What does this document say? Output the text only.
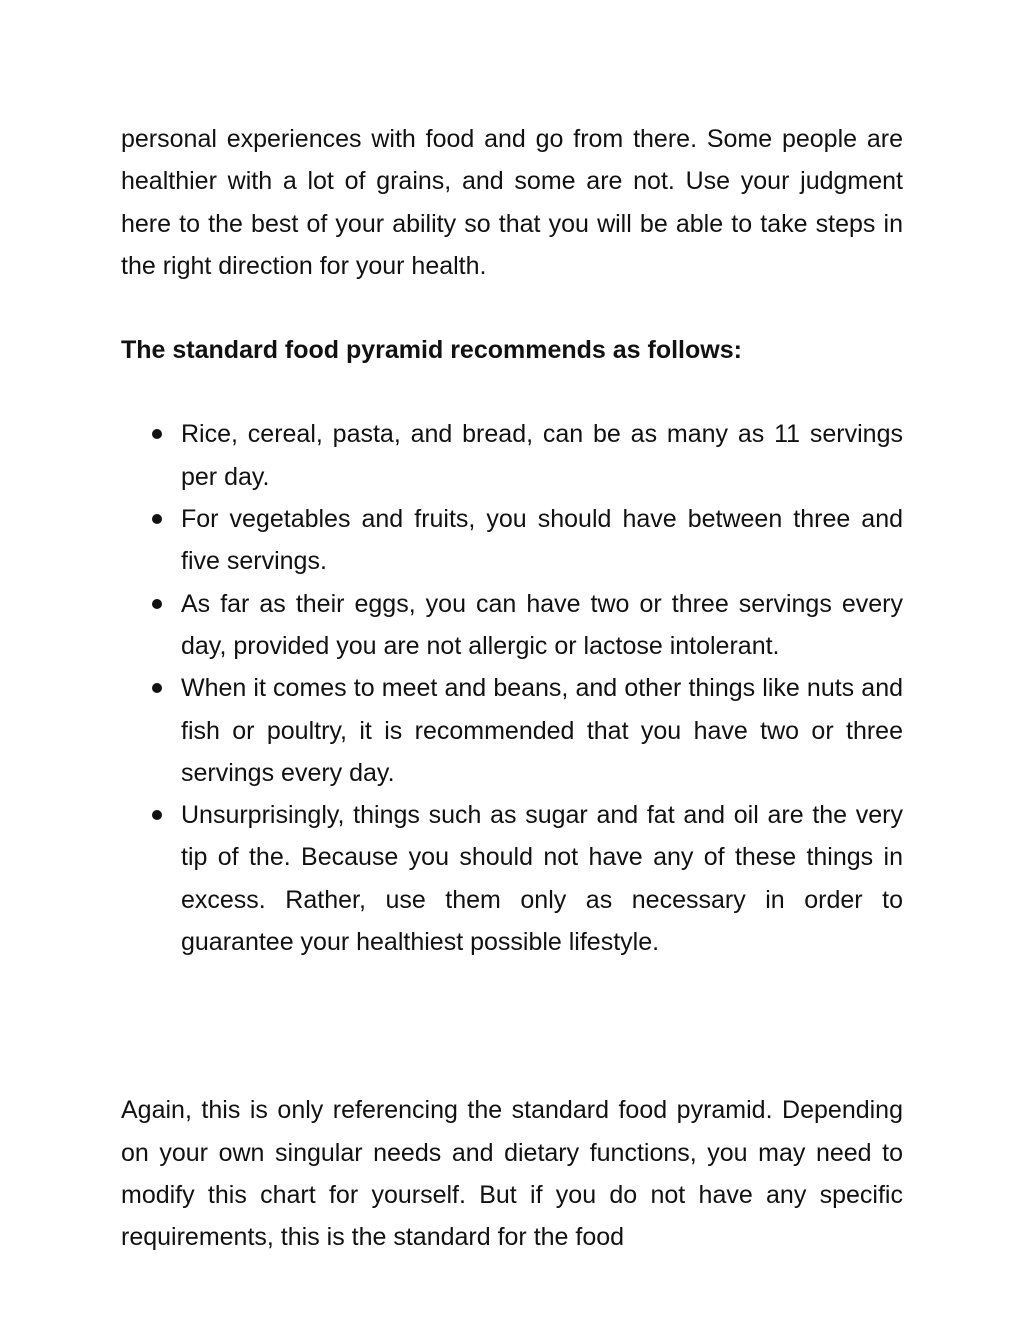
personal experiences with food and go from there. Some people are healthier with a lot of grains, and some are not. Use your judgment here to the best of your ability so that you will be able to take steps in the right direction for your health.

The standard food pyramid recommends as follows:

Rice, cereal, pasta, and bread, can be as many as 11 servings per day.
For vegetables and fruits, you should have between three and five servings.
As far as their eggs, you can have two or three servings every day, provided you are not allergic or lactose intolerant.
When it comes to meet and beans, and other things like nuts and fish or poultry, it is recommended that you have two or three servings every day.
Unsurprisingly, things such as sugar and fat and oil are the very tip of the. Because you should not have any of these things in excess. Rather, use them only as necessary in order to guarantee your healthiest possible lifestyle.

Again, this is only referencing the standard food pyramid. Depending on your own singular needs and dietary functions, you may need to modify this chart for yourself. But if you do not have any specific requirements, this is the standard for the food
